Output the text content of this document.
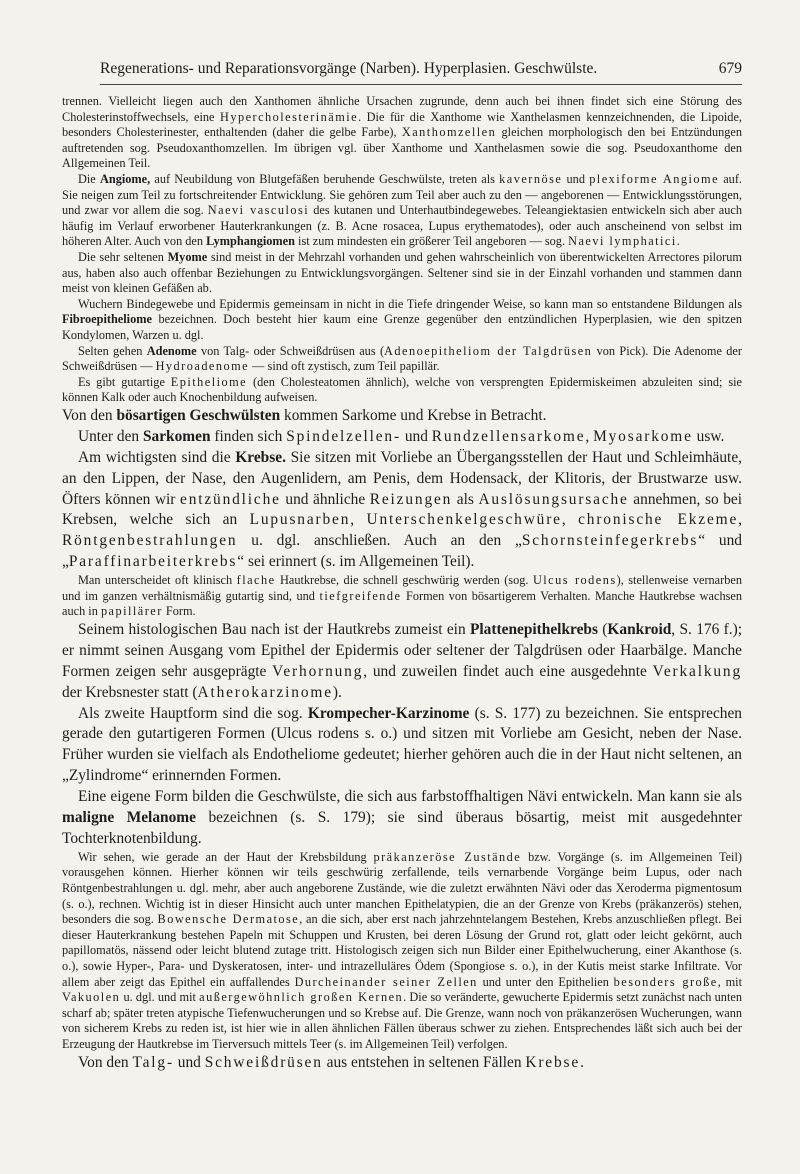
Regenerations- und Reparationsvorgänge (Narben). Hyperplasien. Geschwülste.	679

trennen. Vielleicht liegen auch den Xanthomen ähnliche Ursachen zugrunde, denn auch bei ihnen findet sich eine Störung des Cholesterinstoffwechsels, eine Hypercholesterinämie. Die für die Xanthome wie Xanthelasmen kennzeichnenden, die Lipoide, besonders Cholesterinester, enthaltenden (daher die gelbe Farbe), Xanthomzellen gleichen morphologisch den bei Entzündungen auftretenden sog. Pseudoxanthomzellen. Im übrigen vgl. über Xanthome und Xanthelasmen sowie die sog. Pseudoxanthome den Allgemeinen Teil.

Die Angiome, auf Neubildung von Blutgefäßen beruhende Geschwülste, treten als kavernöse und plexiforme Angiome auf. Sie neigen zum Teil zu fortschreitender Entwicklung. Sie gehören zum Teil aber auch zu den — angeborenen — Entwicklungsstörungen, und zwar vor allem die sog. Naevi vasculosi des kutanen und Unterhautbindegewebes. Teleangiektasien entwickeln sich aber auch häufig im Verlauf erworbener Hauterkrankungen (z. B. Acne rosacea, Lupus erythematodes), oder auch anscheinend von selbst im höheren Alter. Auch von den Lymphangiomen ist zum mindesten ein größerer Teil angeboren — sog. Naevi lymphatici.

Die sehr seltenen Myome sind meist in der Mehrzahl vorhanden und gehen wahrscheinlich von überentwickelten Arrectores pilorum aus, haben also auch offenbar Beziehungen zu Entwicklungsvorgängen. Seltener sind sie in der Einzahl vorhanden und stammen dann meist von kleinen Gefäßen ab.

Wuchern Bindegewebe und Epidermis gemeinsam in nicht in die Tiefe dringender Weise, so kann man so entstandene Bildungen als Fibroepitheliome bezeichnen. Doch besteht hier kaum eine Grenze gegenüber den entzündlichen Hyperplasien, wie den spitzen Kondylomen, Warzen u. dgl.

Selten gehen Adenome von Talg- oder Schweißdrüsen aus (Adenoepitheliom der Talgdrüsen von Pick). Die Adenome der Schweißdrüsen — Hydroadenome — sind oft zystisch, zum Teil papillär.

Es gibt gutartige Epitheliome (den Cholesteatomen ähnlich), welche von versprengten Epidermiskeimen abzuleiten sind; sie können Kalk oder auch Knochenbildung aufweisen.

Von den bösartigen Geschwülsten kommen Sarkome und Krebse in Betracht.

Unter den Sarkomen finden sich Spindelzellen- und Rundzellensarkome, Myosarkome usw.

Am wichtigsten sind die Krebse. Sie sitzen mit Vorliebe an Übergangsstellen der Haut und Schleimhäute, an den Lippen, der Nase, den Augenlidern, am Penis, dem Hodensack, der Klitoris, der Brustwarze usw. Öfters können wir entzündliche und ähnliche Reizungen als Auslösungsursache annehmen, so bei Krebsen, welche sich an Lupusnarben, Unterschenkelgeschwüre, chronische Ekzeme, Röntgenbestrahlungen u. dgl. anschließen. Auch an den „Schornsteinfegerkrebs“ und „Paraffinarbeiterkrebs“ sei erinnert (s. im Allgemeinen Teil).

Man unterscheidet oft klinisch flache Hautkrebse, die schnell geschwürig werden (sog. Ulcus rodens), stellenweise vernarben und im ganzen verhältnismäßig gutartig sind, und tiefgreifende Formen von bösartigerem Verhalten. Manche Hautkrebse wachsen auch in papillärer Form.

Seinem histologischen Bau nach ist der Hautkrebs zumeist ein Plattenepithelkrebs (Kankroid, S. 176 f.); er nimmt seinen Ausgang vom Epithel der Epidermis oder seltener der Talgdrüsen oder Haarbälge. Manche Formen zeigen sehr ausgeprägte Verhornung, und zuweilen findet auch eine ausgedehnte Verkalkung der Krebsnester statt (Atherokarzinome).

Als zweite Hauptform sind die sog. Krompecher-Karzinome (s. S. 177) zu bezeichnen. Sie entsprechen gerade den gutartigeren Formen (Ulcus rodens s. o.) und sitzen mit Vorliebe am Gesicht, neben der Nase. Früher wurden sie vielfach als Endotheliome gedeutet; hierher gehören auch die in der Haut nicht seltenen, an „Zylindrome“ erinnernden Formen.

Eine eigene Form bilden die Geschwülste, die sich aus farbstoffhaltigen Nävi entwickeln. Man kann sie als maligne Melanome bezeichnen (s. S. 179); sie sind überaus bösartig, meist mit ausgedehnter Tochterknotenbildung.

Wir sehen, wie gerade an der Haut der Krebsbildung präkanzeröse Zustände bzw. Vorgänge (s. im Allgemeinen Teil) vorausgehen können. Hierher können wir teils geschwürig zerfallende, teils vernarbende Vorgänge beim Lupus, oder nach Röntgenbestrahlungen u. dgl. mehr, aber auch angeborene Zustände, wie die zuletzt erwähnten Nävi oder das Xeroderma pigmentosum (s. o.), rechnen. Wichtig ist in dieser Hinsicht auch unter manchen Epithelatypien, die an der Grenze von Krebs (präkanzerös) stehen, besonders die sog. Bowensche Dermatose, an die sich, aber erst nach jahrzehntelangem Bestehen, Krebs anzuschließen pflegt. Bei dieser Hauterkrankung bestehen Papeln mit Schuppen und Krusten, bei deren Lösung der Grund rot, glatt oder leicht gekörnt, auch papillomatös, nässend oder leicht blutend zutage tritt. Histologisch zeigen sich nun Bilder einer Epithelwucherung, einer Akanthose (s. o.), sowie Hyper-, Para- und Dyskeratosen, inter- und intrazelluläres Ödem (Spongiose s. o.), in der Kutis meist starke Infiltrate. Vor allem aber zeigt das Epithel ein auffallendes Durcheinander seiner Zellen und unter den Epithelien besonders große, mit Vakuolen u. dgl. und mit außergewöhnlich großen Kernen. Die so veränderte, gewucherte Epidermis setzt zunächst nach unten scharf ab; später treten atypische Tiefenwucherungen und so Krebse auf. Die Grenze, wann noch von präkanzerösen Wucherungen, wann von sicherem Krebs zu reden ist, ist hier wie in allen ähnlichen Fällen überaus schwer zu ziehen. Entsprechendes läßt sich auch bei der Erzeugung der Hautkrebse im Tierversuch mittels Teer (s. im Allgemeinen Teil) verfolgen.

Von den Talg- und Schweißdrüsen aus entstehen in seltenen Fällen Krebse.
